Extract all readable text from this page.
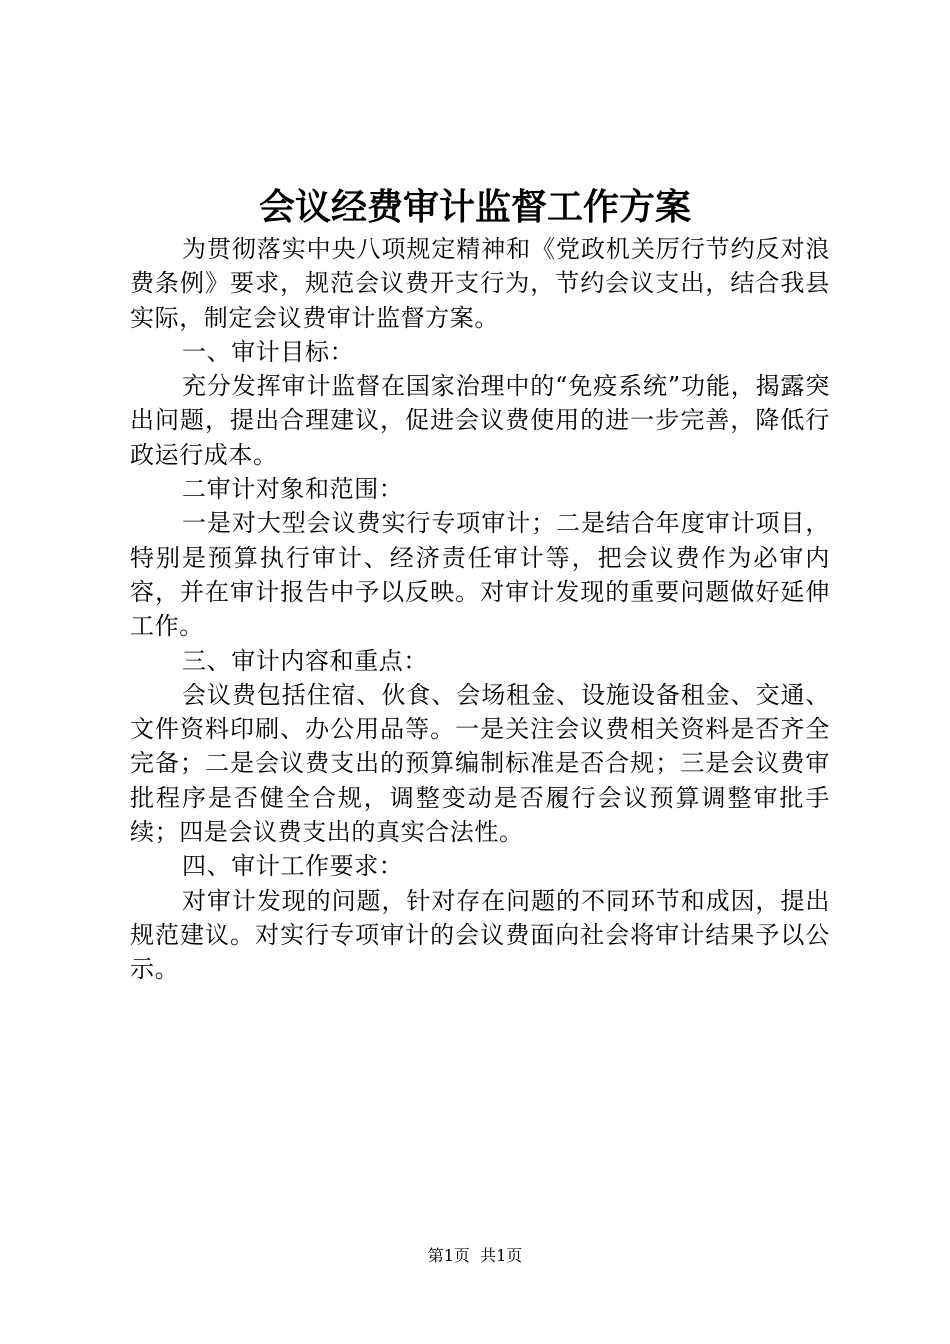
会议经费审计监督工作方案

为贯彻落实中央八项规定精神和《党政机关厉行节约反对浪费条例》要求，规范会议费开支行为，节约会议支出，结合我县实际，制定会议费审计监督方案。

一、审计目标：

充分发挥审计监督在国家治理中的“免疫系统”功能，揭露突出问题，提出合理建议，促进会议费使用的进一步完善，降低行政运行成本。

二审计对象和范围：

一是对大型会议费实行专项审计；二是结合年度审计项目，特别是预算执行审计、经济责任审计等，把会议费作为必审内容，并在审计报告中予以反映。对审计发现的重要问题做好延伸工作。

三、审计内容和重点：

会议费包括住宿、伙食、会场租金、设施设备租金、交通、文件资料印刷、办公用品等。一是关注会议费相关资料是否齐全完备；二是会议费支出的预算编制标准是否合规；三是会议费审批程序是否健全合规，调整变动是否履行会议预算调整审批手续；四是会议费支出的真实合法性。

四、审计工作要求：

对审计发现的问题，针对存在问题的不同环节和成因，提出规范建议。对实行专项审计的会议费面向社会将审计结果予以公示。

第1页 共1页
